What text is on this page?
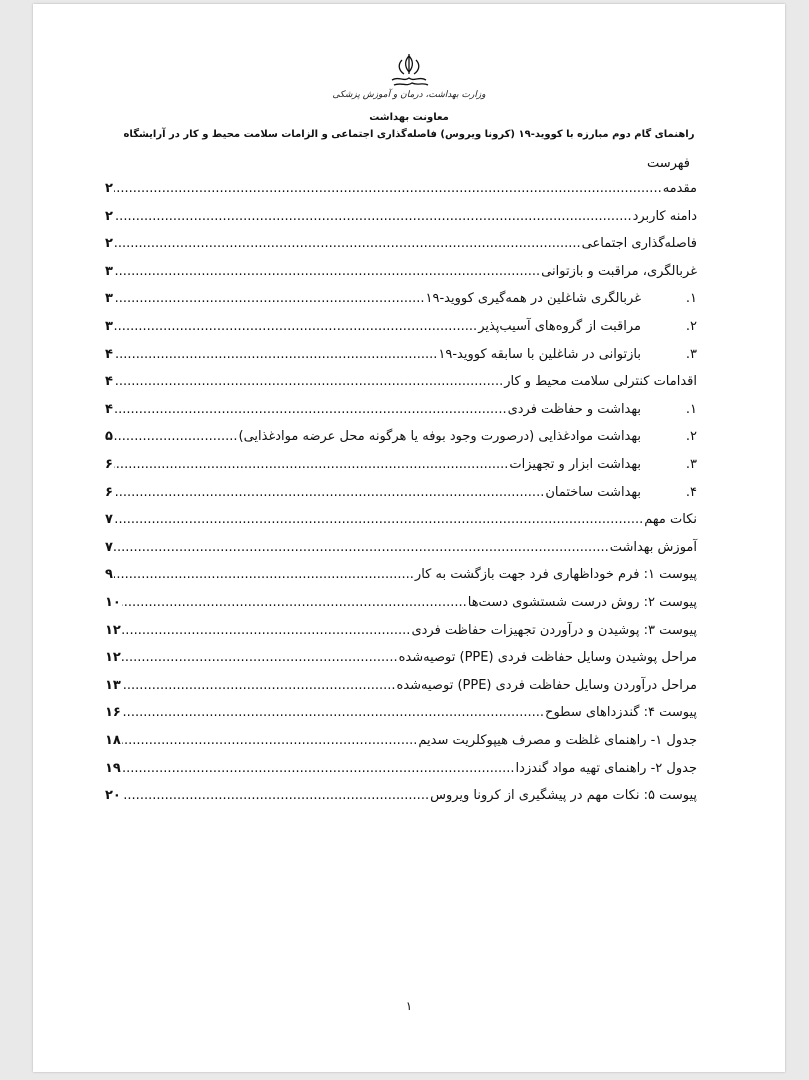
وزارت بهداشت، درمان و آموزش پزشکی
معاونت بهداشت
راهنمای گام دوم مبارزه با کووید-۱۹ (کرونا ویروس) فاصله‌گذاری اجتماعی و الزامات سلامت محیط و کار در آرایشگاه
فهرست
مقدمه
.....
۲
دامنه کاربرد
.....
۲
فاصله‌گذاری اجتماعی
.....
۲
غربالگری، مراقبت و بازتوانی
.....
۳
۱.
غربالگری شاغلین در همه‌گیری کووید-۱۹
.....
۳
۲.
مراقبت از گروه‌های آسیب‌پذیر
.....
۳
۳.
بازتوانی در شاغلین با سابقه کووید-۱۹
.....
۴
اقدامات کنترلی سلامت محیط و کار
.....
۴
۱.
بهداشت و حفاظت فردی
.....
۴
۲.
بهداشت موادغذایی (درصورت وجود بوفه یا هرگونه محل عرضه موادغذایی)
.....
۵
۳.
بهداشت ابزار و تجهیزات
.....
۶
۴.
بهداشت ساختمان
.....
۶
نکات مهم
.....
۷
آموزش بهداشت
.....
۷
پیوست ۱: فرم خوداظهاری فرد جهت بازگشت به کار
.....
۹
پیوست ۲: روش درست شستشوی دست‌ها
.....
۱۰
پیوست ۳: پوشیدن و درآوردن تجهیزات حفاظت فردی
.....
۱۲
مراحل پوشیدن وسایل حفاظت فردی (PPE) توصیه‌شده
.....
۱۲
مراحل درآوردن وسایل حفاظت فردی (PPE) توصیه‌شده
.....
۱۳
پیوست ۴: گندزداهای سطوح
.....
۱۶
جدول ۱- راهنمای غلظت و مصرف هیپوکلریت سدیم
.....
۱۸
جدول ۲- راهنمای تهیه مواد گندزدا
.....
۱۹
پیوست ۵: نکات مهم در پیشگیری از کرونا ویروس
.....
۲۰
۱
